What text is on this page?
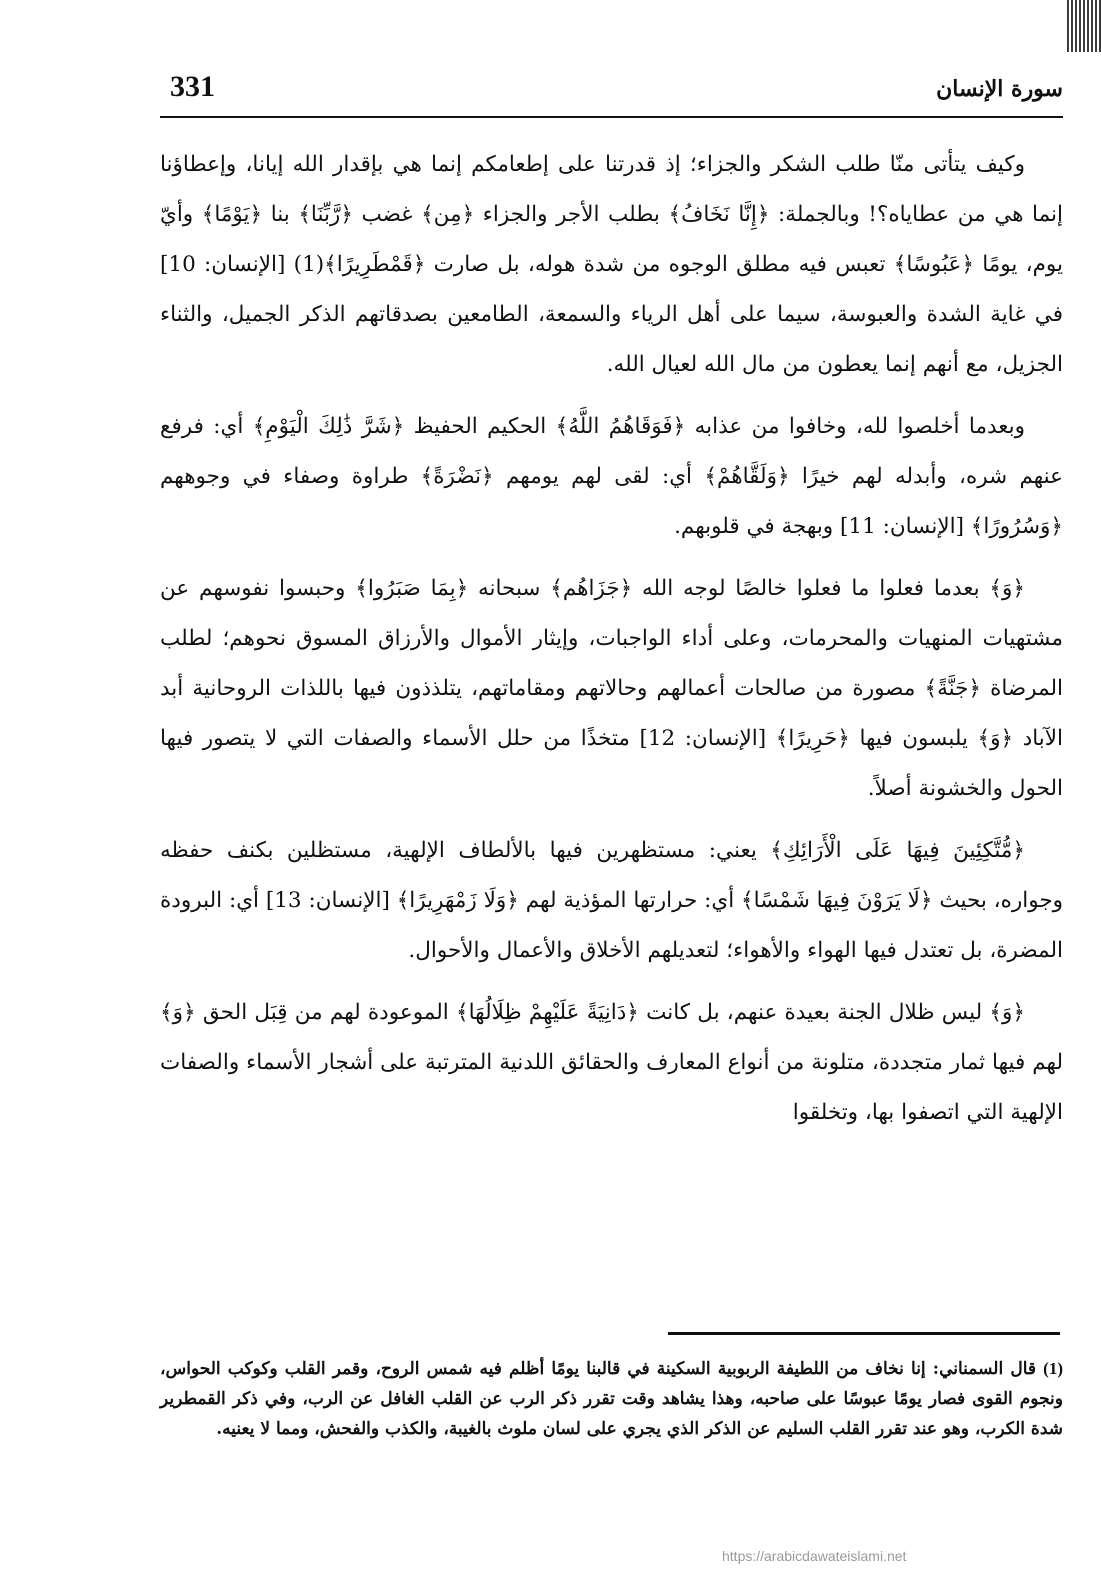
331	سورة الإنسان

وكيف يتأتى منّا طلب الشكر والجزاء؛ إذ قدرتنا على إطعامكم إنما هي بإقدار الله إيانا، وإعطاؤنا إنما هي من عطاياه؟! وبالجملة: ﴿إِنَّا نَخَافُ﴾ بطلب الأجر والجزاء ﴿مِن﴾ غضب ﴿رَّبِّنَا﴾ بنا ﴿يَوْمًا﴾ وأيّ يوم، يومًا ﴿عَبُوسًا﴾ تعبس فيه مطلق الوجوه من شدة هوله، بل صارت ﴿قَمْطَرِيرًا﴾(1) [الإنسان: 10] في غاية الشدة والعبوسة، سيما على أهل الرياء والسمعة، الطامعين بصدقاتهم الذكر الجميل، والثناء الجزيل، مع أنهم إنما يعطون من مال الله لعيال الله.

وبعدما أخلصوا لله، وخافوا من عذابه ﴿فَوَقَاهُمُ اللَّهُ﴾ الحكيم الحفيظ ﴿شَرَّ ذَٰلِكَ الْيَوْمِ﴾ أي: فرفع عنهم شره، وأبدله لهم خيرًا ﴿وَلَقَّاهُمْ﴾ أي: لقى لهم يومهم ﴿نَضْرَةً﴾ طراوة وصفاء في وجوههم ﴿وَسُرُورًا﴾ [الإنسان: 11] وبهجة في قلوبهم.

﴿وَ﴾ بعدما فعلوا ما فعلوا خالصًا لوجه الله ﴿جَزَاهُم﴾ سبحانه ﴿بِمَا صَبَرُوا﴾ وحبسوا نفوسهم عن مشتهيات المنهيات والمحرمات، وعلى أداء الواجبات، وإيثار الأموال والأرزاق المسوق نحوهم؛ لطلب المرضاة ﴿جَنَّةً﴾ مصورة من صالحات أعمالهم وحالاتهم ومقاماتهم، يتلذذون فيها باللذات الروحانية أبد الآباد ﴿وَ﴾ يلبسون فيها ﴿حَرِيرًا﴾ [الإنسان: 12] متخذًا من حلل الأسماء والصفات التي لا يتصور فيها الحول والخشونة أصلاً.

﴿مُّتَّكِئِينَ فِيهَا عَلَى الْأَرَائِكِ﴾ يعني: مستظهرين فيها بالألطاف الإلهية، مستظلين بكنف حفظه وجواره، بحيث ﴿لَا يَرَوْنَ فِيهَا شَمْسًا﴾ أي: حرارتها المؤذية لهم ﴿وَلَا زَمْهَرِيرًا﴾ [الإنسان: 13] أي: البرودة المضرة، بل تعتدل فيها الهواء والأهواء؛ لتعديلهم الأخلاق والأعمال والأحوال.

﴿وَ﴾ ليس ظلال الجنة بعيدة عنهم، بل كانت ﴿دَانِيَةً عَلَيْهِمْ ظِلَالُهَا﴾ الموعودة لهم من قِبَل الحق ﴿وَ﴾ لهم فيها ثمار متجددة، متلونة من أنواع المعارف والحقائق اللدنية المترتبة على أشجار الأسماء والصفات الإلهية التي اتصفوا بها، وتخلقوا

(1) قال السمناني: إنا نخاف من اللطيفة الربوبية السكينة في قالبنا يومًا أظلم فيه شمس الروح، وقمر القلب وكوكب الحواس، ونجوم القوى فصار يومًا عبوسًا على صاحبه، وهذا يشاهد وقت تقرر ذكر الرب عن القلب الغافل عن الرب، وفي ذكر القمطرير شدة الكرب، وهو عند تقرر القلب السليم عن الذكر الذي يجري على لسان ملوث بالغيبة، والكذب والفحش، ومما لا يعنيه.
https://arabicdawateislami.net
